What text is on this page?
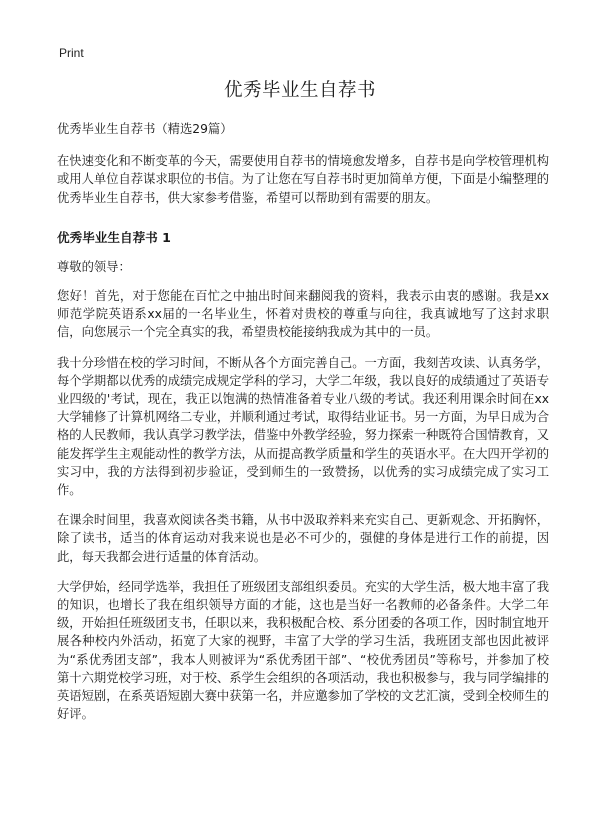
Print
优秀毕业生自荐书

优秀毕业生自荐书（精选29篇）

在快速变化和不断变革的今天，需要使用自荐书的情境愈发增多，自荐书是向学校管理机构或用人单位自荐谋求职位的书信。为了让您在写自荐书时更加简单方便，下面是小编整理的优秀毕业生自荐书，供大家参考借鉴，希望可以帮助到有需要的朋友。

优秀毕业生自荐书 1

尊敬的领导：

您好！首先，对于您能在百忙之中抽出时间来翻阅我的资料，我表示由衷的感谢。我是xx师范学院英语系xx届的一名毕业生，怀着对贵校的尊重与向往，我真诚地写了这封求职信，向您展示一个完全真实的我，希望贵校能接纳我成为其中的一员。

我十分珍惜在校的学习时间，不断从各个方面完善自己。一方面，我刻苦攻读、认真务学，每个学期都以优秀的成绩完成规定学科的学习，大学二年级，我以良好的成绩通过了英语专业四级的'考试，现在，我正以饱满的热情准备着专业八级的考试。我还利用课余时间在xx大学辅修了计算机网络二专业，并顺利通过考试，取得结业证书。另一方面，为早日成为合格的人民教师，我认真学习教学法，借鉴中外教学经验，努力探索一种既符合国情教育，又能发挥学生主观能动性的教学方法，从而提高教学质量和学生的英语水平。在大四开学初的实习中，我的方法得到初步验证，受到师生的一致赞扬，以优秀的实习成绩完成了实习工作。

在课余时间里，我喜欢阅读各类书籍，从书中汲取养料来充实自己、更新观念、开拓胸怀，除了读书，适当的体育运动对我来说也是必不可少的，强健的身体是进行工作的前提，因此，每天我都会进行适量的体育活动。

大学伊始，经同学选举，我担任了班级团支部组织委员。充实的大学生活，极大地丰富了我的知识，也增长了我在组织领导方面的才能，这也是当好一名教师的必备条件。大学二年级，开始担任班级团支书，任职以来，我积极配合校、系分团委的各项工作，因时制宜地开展各种校内外活动，拓宽了大家的视野，丰富了大学的学习生活，我班团支部也因此被评为“系优秀团支部”，我本人则被评为“系优秀团干部”、“校优秀团员”等称号，并参加了校第十六期党校学习班，对于校、系学生会组织的各项活动，我也积极参与，我与同学编排的英语短剧，在系英语短剧大赛中获第一名，并应邀参加了学校的文艺汇演，受到全校师生的好评。
